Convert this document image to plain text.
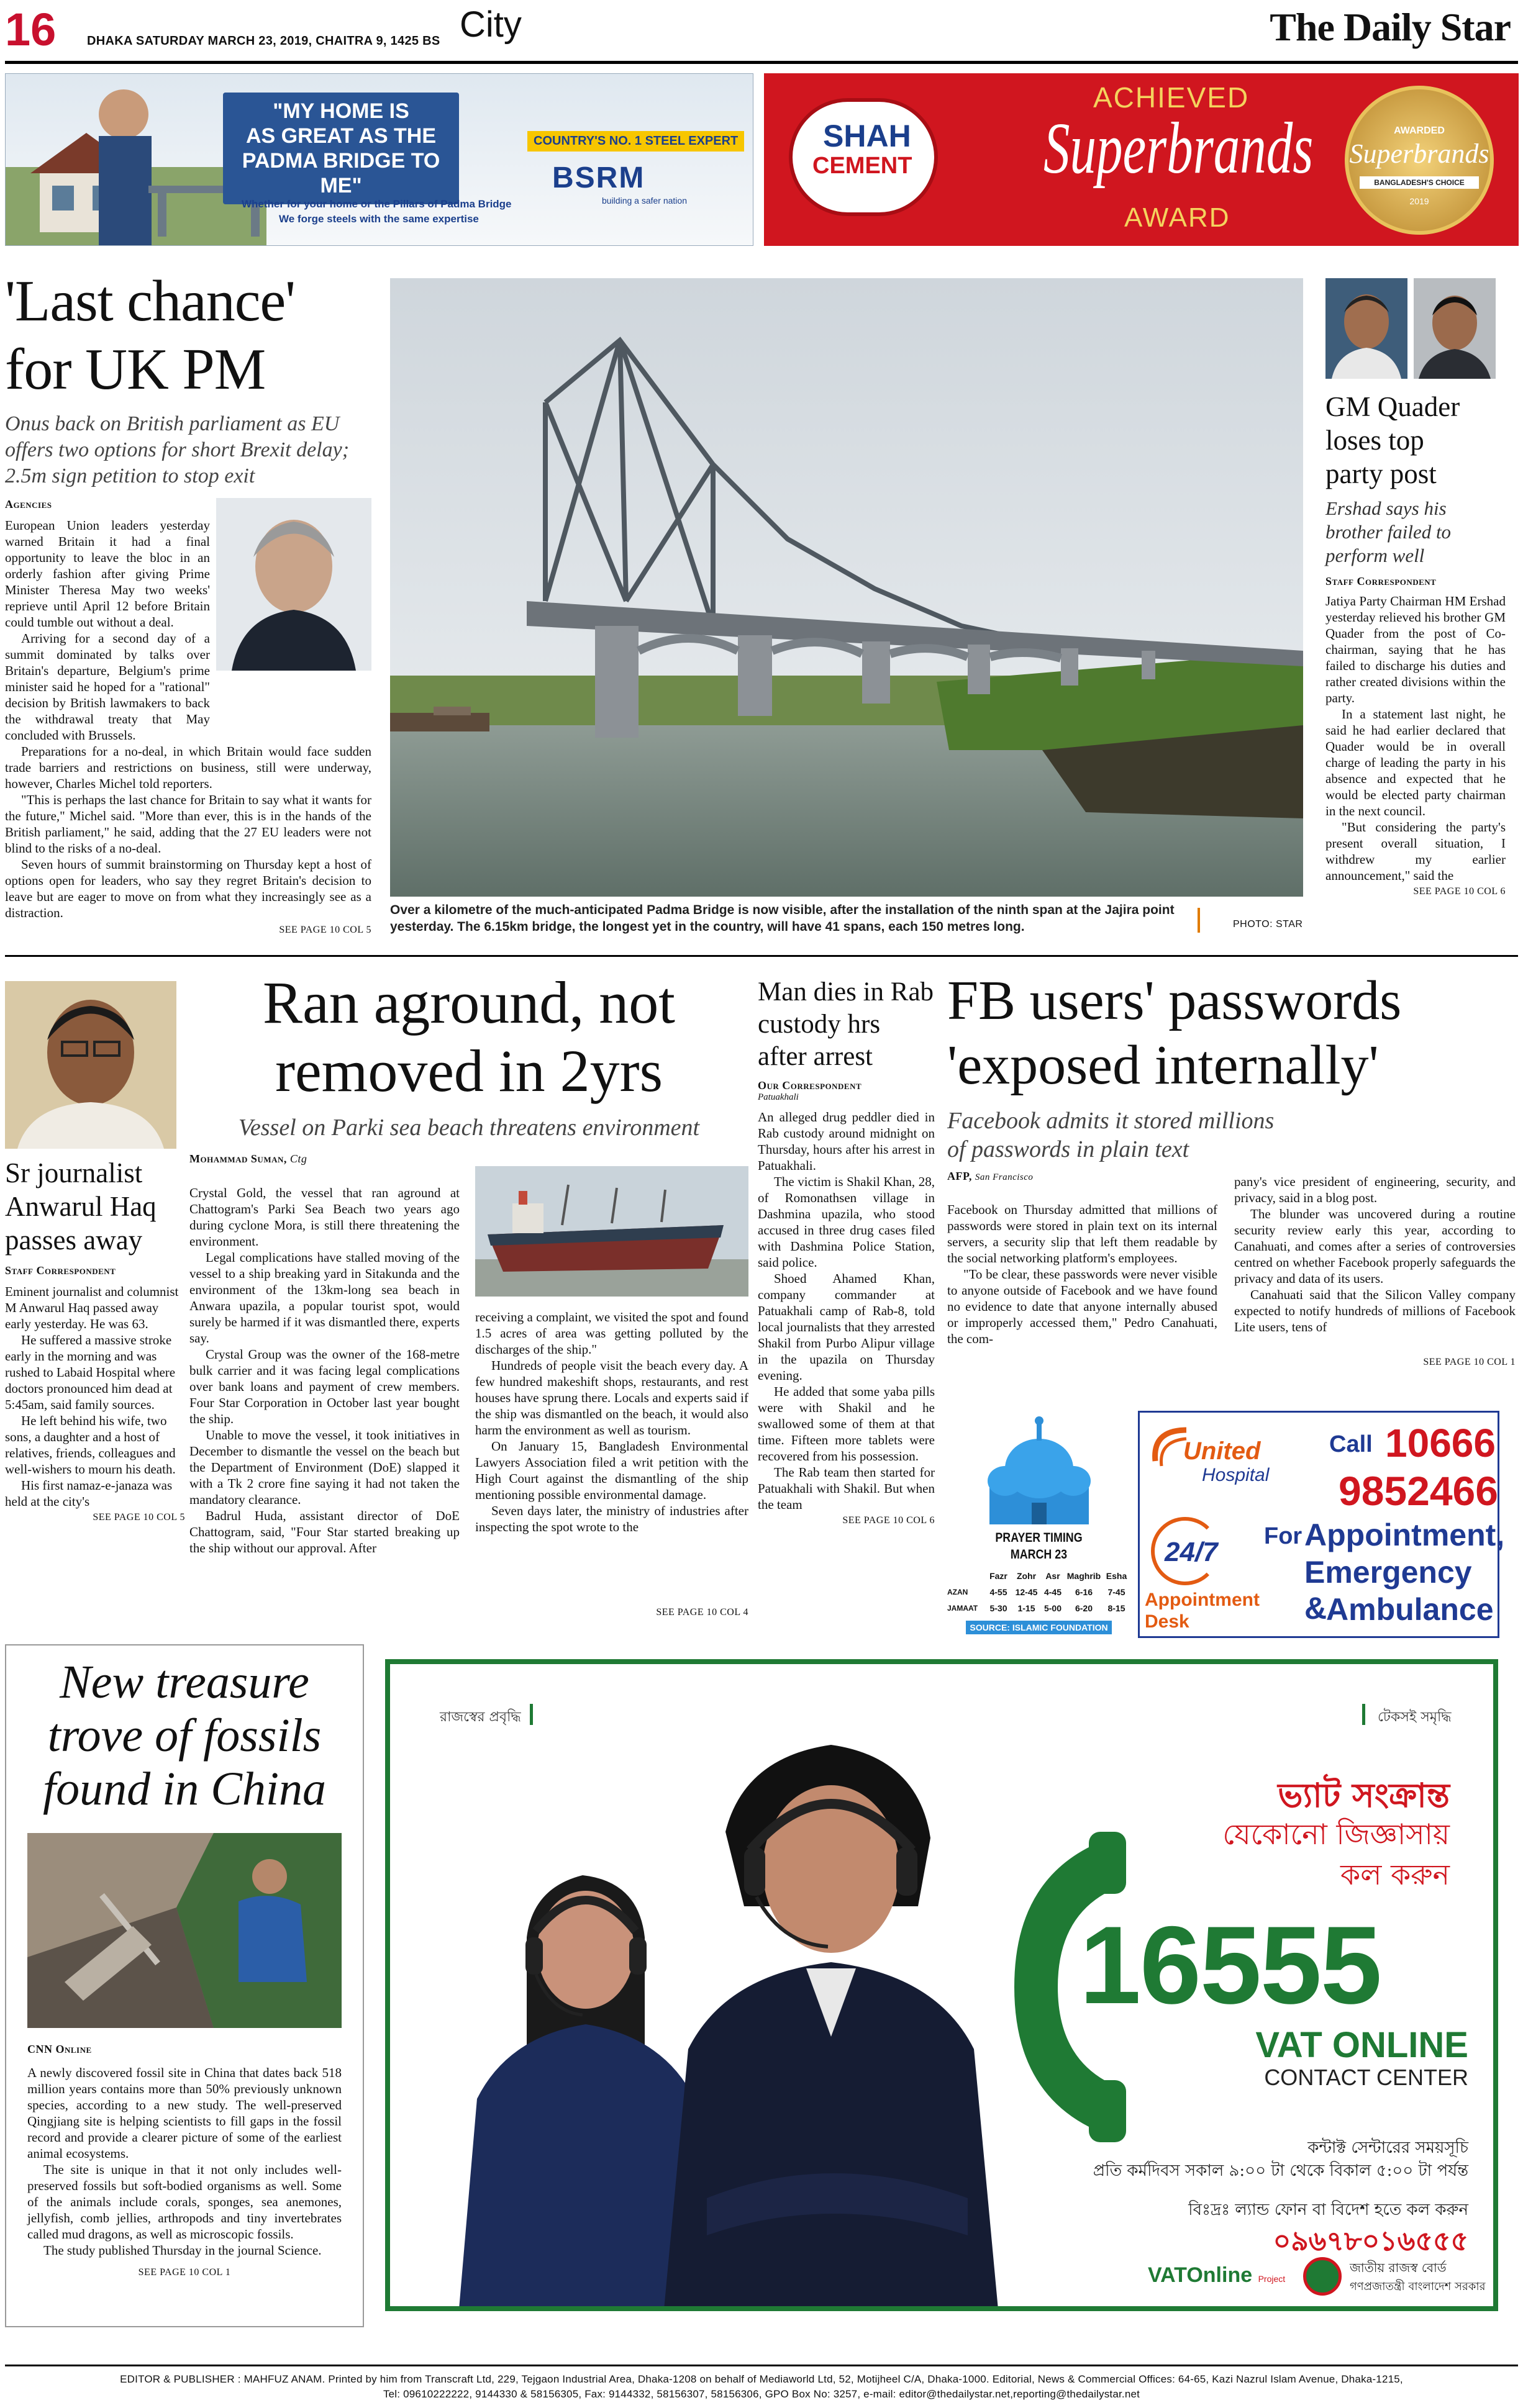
16 DHAKA SATURDAY MARCH 23, 2019, CHAITRA 9, 1425 BS City	The Daily Star
"MY HOME IS
AS GREAT AS THE
PADMA BRIDGE TO ME"
COUNTRY'S NO. 1 STEEL EXPERT
BSRM
building a safer nation
Whether for your home or the Pillars of Padma Bridge
We forge steels with the same expertise
SHAH
CEMENT
ACHIEVED
Superbrands
AWARD
AWARDED
Superbrands
BANGLADESH'S CHOICE
2019
'Last chance'
for UK PM
Onus back on British parliament as EU offers two options for short Brexit delay; 2.5m sign petition to stop exit
Agencies

European Union leaders yesterday warned Britain it had a final opportunity to leave the bloc in an orderly fashion after giving Prime Minister Theresa May two weeks' reprieve until April 12 before Britain could tumble out without a deal.

Arriving for a second day of a summit dominated by talks over Britain's departure, Belgium's prime minister said he hoped for a "rational" decision by British lawmakers to back the withdrawal treaty that May concluded with Brussels.

Preparations for a no-deal, in which Britain would face sudden trade barriers and restrictions on business, still were underway, however, Charles Michel told reporters.

"This is perhaps the last chance for Britain to say what it wants for the future," Michel said. "More than ever, this is in the hands of the British parliament," he said, adding that the 27 EU leaders were not blind to the risks of a no-deal.

Seven hours of summit brainstorming on Thursday kept a host of options open for leaders, who say they regret Britain's decision to leave but are eager to move on from what they increasingly see as a distraction.

SEE PAGE 10 COL 5
Over a kilometre of the much-anticipated Padma Bridge is now visible, after the installation of the ninth span at the Jajira point yesterday. The 6.15km bridge, the longest yet in the country, will have 41 spans, each 150 metres long.	PHOTO: STAR
GM Quader loses top party post
Ershad says his brother failed to perform well
Staff Correspondent

Jatiya Party Chairman HM Ershad yesterday relieved his brother GM Quader from the post of Co-chairman, saying that he has failed to discharge his duties and rather created divisions within the party.

In a statement last night, he said he had earlier declared that Quader would be in overall charge of leading the party in his absence and expected that he would be elected party chairman in the next council.

"But considering the party's present overall situation, I withdrew my earlier announcement," said the

SEE PAGE 10 COL 6
Sr journalist Anwarul Haq passes away
Staff Correspondent

Eminent journalist and columnist M Anwarul Haq passed away early yesterday. He was 63.

He suffered a massive stroke early in the morning and was rushed to Labaid Hospital where doctors pronounced him dead at 5:45am, said family sources.

He left behind his wife, two sons, a daughter and a host of relatives, friends, colleagues and well-wishers to mourn his death.

His first namaz-e-janaza was held at the city's

SEE PAGE 10 COL 5
Ran aground, not
removed in 2yrs
Vessel on Parki sea beach threatens environment
Mohammad Suman, Ctg

Crystal Gold, the vessel that ran aground at Chattogram's Parki Sea Beach two years ago during cyclone Mora, is still there threatening the environment.

Legal complications have stalled moving of the vessel to a ship breaking yard in Sitakunda and the environment of the 13km-long sea beach in Anwara upazila, a popular tourist spot, would surely be harmed if it was dismantled there, experts say.

Crystal Group was the owner of the 168-metre bulk carrier and it was facing legal complications over bank loans and payment of crew members. Four Star Corporation in October last year bought the ship.

Unable to move the vessel, it took initiatives in December to dismantle the vessel on the beach but the Department of Environment (DoE) slapped it with a Tk 2 crore fine saying it had not taken the mandatory clearance.

Badrul Huda, assistant director of DoE Chattogram, said, "Four Star started breaking up the ship without our approval. After

receiving a complaint, we visited the spot and found 1.5 acres of area was getting polluted by the discharges of the ship."

Hundreds of people visit the beach every day. A few hundred makeshift shops, restaurants, and rest houses have sprung there. Locals and experts said if the ship was dismantled on the beach, it would also harm the environment as well as tourism.

On January 15, Bangladesh Environmental Lawyers Association filed a writ petition with the High Court against the dismantling of the ship mentioning possible environmental damage.

Seven days later, the ministry of industries after inspecting the spot wrote to the

SEE PAGE 10 COL 4
Man dies in Rab custody hrs after arrest
Our Correspondent
Patuakhali

An alleged drug peddler died in Rab custody around midnight on Thursday, hours after his arrest in Patuakhali.

The victim is Shakil Khan, 28, of Romonathsen village in Dashmina upazila, who stood accused in three drug cases filed with Dashmina Police Station, said police.

Shoed Ahamed Khan, company commander at Patuakhali camp of Rab-8, told local journalists that they arrested Shakil from Purbo Alipur village in the upazila on Thursday evening.

He added that some yaba pills were with Shakil and he swallowed some of them at that time. Fifteen more tablets were recovered from his possession.

The Rab team then started for Patuakhali with Shakil. But when the team

SEE PAGE 10 COL 6
FB users' passwords
'exposed internally'
Facebook admits it stored millions
of passwords in plain text
AFP, San Francisco

Facebook on Thursday admitted that millions of passwords were stored in plain text on its internal servers, a security slip that left them readable by the social networking platform's employees.

"To be clear, these passwords were never visible to anyone outside of Facebook and we have found no evidence to date that anyone internally abused or improperly accessed them," Pedro Canahuati, the com-

pany's vice president of engineering, security, and privacy, said in a blog post.

The blunder was uncovered during a routine security review early this year, according to Canahuati, and comes after a series of controversies centred on whether Facebook properly safeguards the privacy and data of its users.

Canahuati said that the Silicon Valley company expected to notify hundreds of millions of Facebook Lite users, tens of

SEE PAGE 10 COL 1
PRAYER TIMING
MARCH 23
Fazr	Zohr	Asr Maghrib Esha
AZAN	4-55 12-45 4-45	6-16	7-45
JAMAAT	5-30	1-15	5-00	6-20	8-15
SOURCE: ISLAMIC FOUNDATION
United
Hospital
Call 10666
9852466
24/7
Appointment
Desk
For Appointment,
Emergency &
Ambulance
New treasure
trove of fossils
found in China
CNN Online

A newly discovered fossil site in China that dates back 518 million years contains more than 50% previously unknown species, according to a new study. The well-preserved Qingjiang site is helping scientists to fill gaps in the fossil record and provide a clearer picture of some of the earliest animal ecosystems.

The site is unique in that it not only includes well-preserved fossils but soft-bodied organisms as well. Some of the animals include corals, sponges, sea anemones, jellyfish, comb jellies, arthropods and tiny invertebrates called mud dragons, as well as microscopic fossils.

The study published Thursday in the journal Science.

SEE PAGE 10 COL 1
রাজস্বের প্রবৃদ্ধি	টেকসই সমৃদ্ধি
ভ্যাট সংক্রান্ত
যেকোনো জিজ্ঞাসায়
কল করুন
16555
VAT ONLINE
CONTACT CENTER
কন্টাক্ট সেন্টারের সময়সূচি
প্রতি কর্মদিবস সকাল ৯:০০ টা থেকে বিকাল ৫:০০ টা পর্যন্ত
বিঃদ্রঃ ল্যান্ড ফোন বা বিদেশ হতে কল করুন
০৯৬৭৮০১৬৫৫৫
VATOnline Project
জাতীয় রাজস্ব বোর্ড
গণপ্রজাতন্ত্রী বাংলাদেশ সরকার
EDITOR & PUBLISHER : MAHFUZ ANAM. Printed by him from Transcraft Ltd, 229, Tejgaon Industrial Area, Dhaka-1208 on behalf of Mediaworld Ltd, 52, Motijheel C/A, Dhaka-1000. Editorial, News & Commercial Offices: 64-65, Kazi Nazrul Islam Avenue, Dhaka-1215,
Tel: 09610222222, 9144330 & 58156305, Fax: 9144332, 58156307, 58156306, GPO Box No: 3257, e-mail: editor@thedailystar.net,reporting@thedailystar.net
